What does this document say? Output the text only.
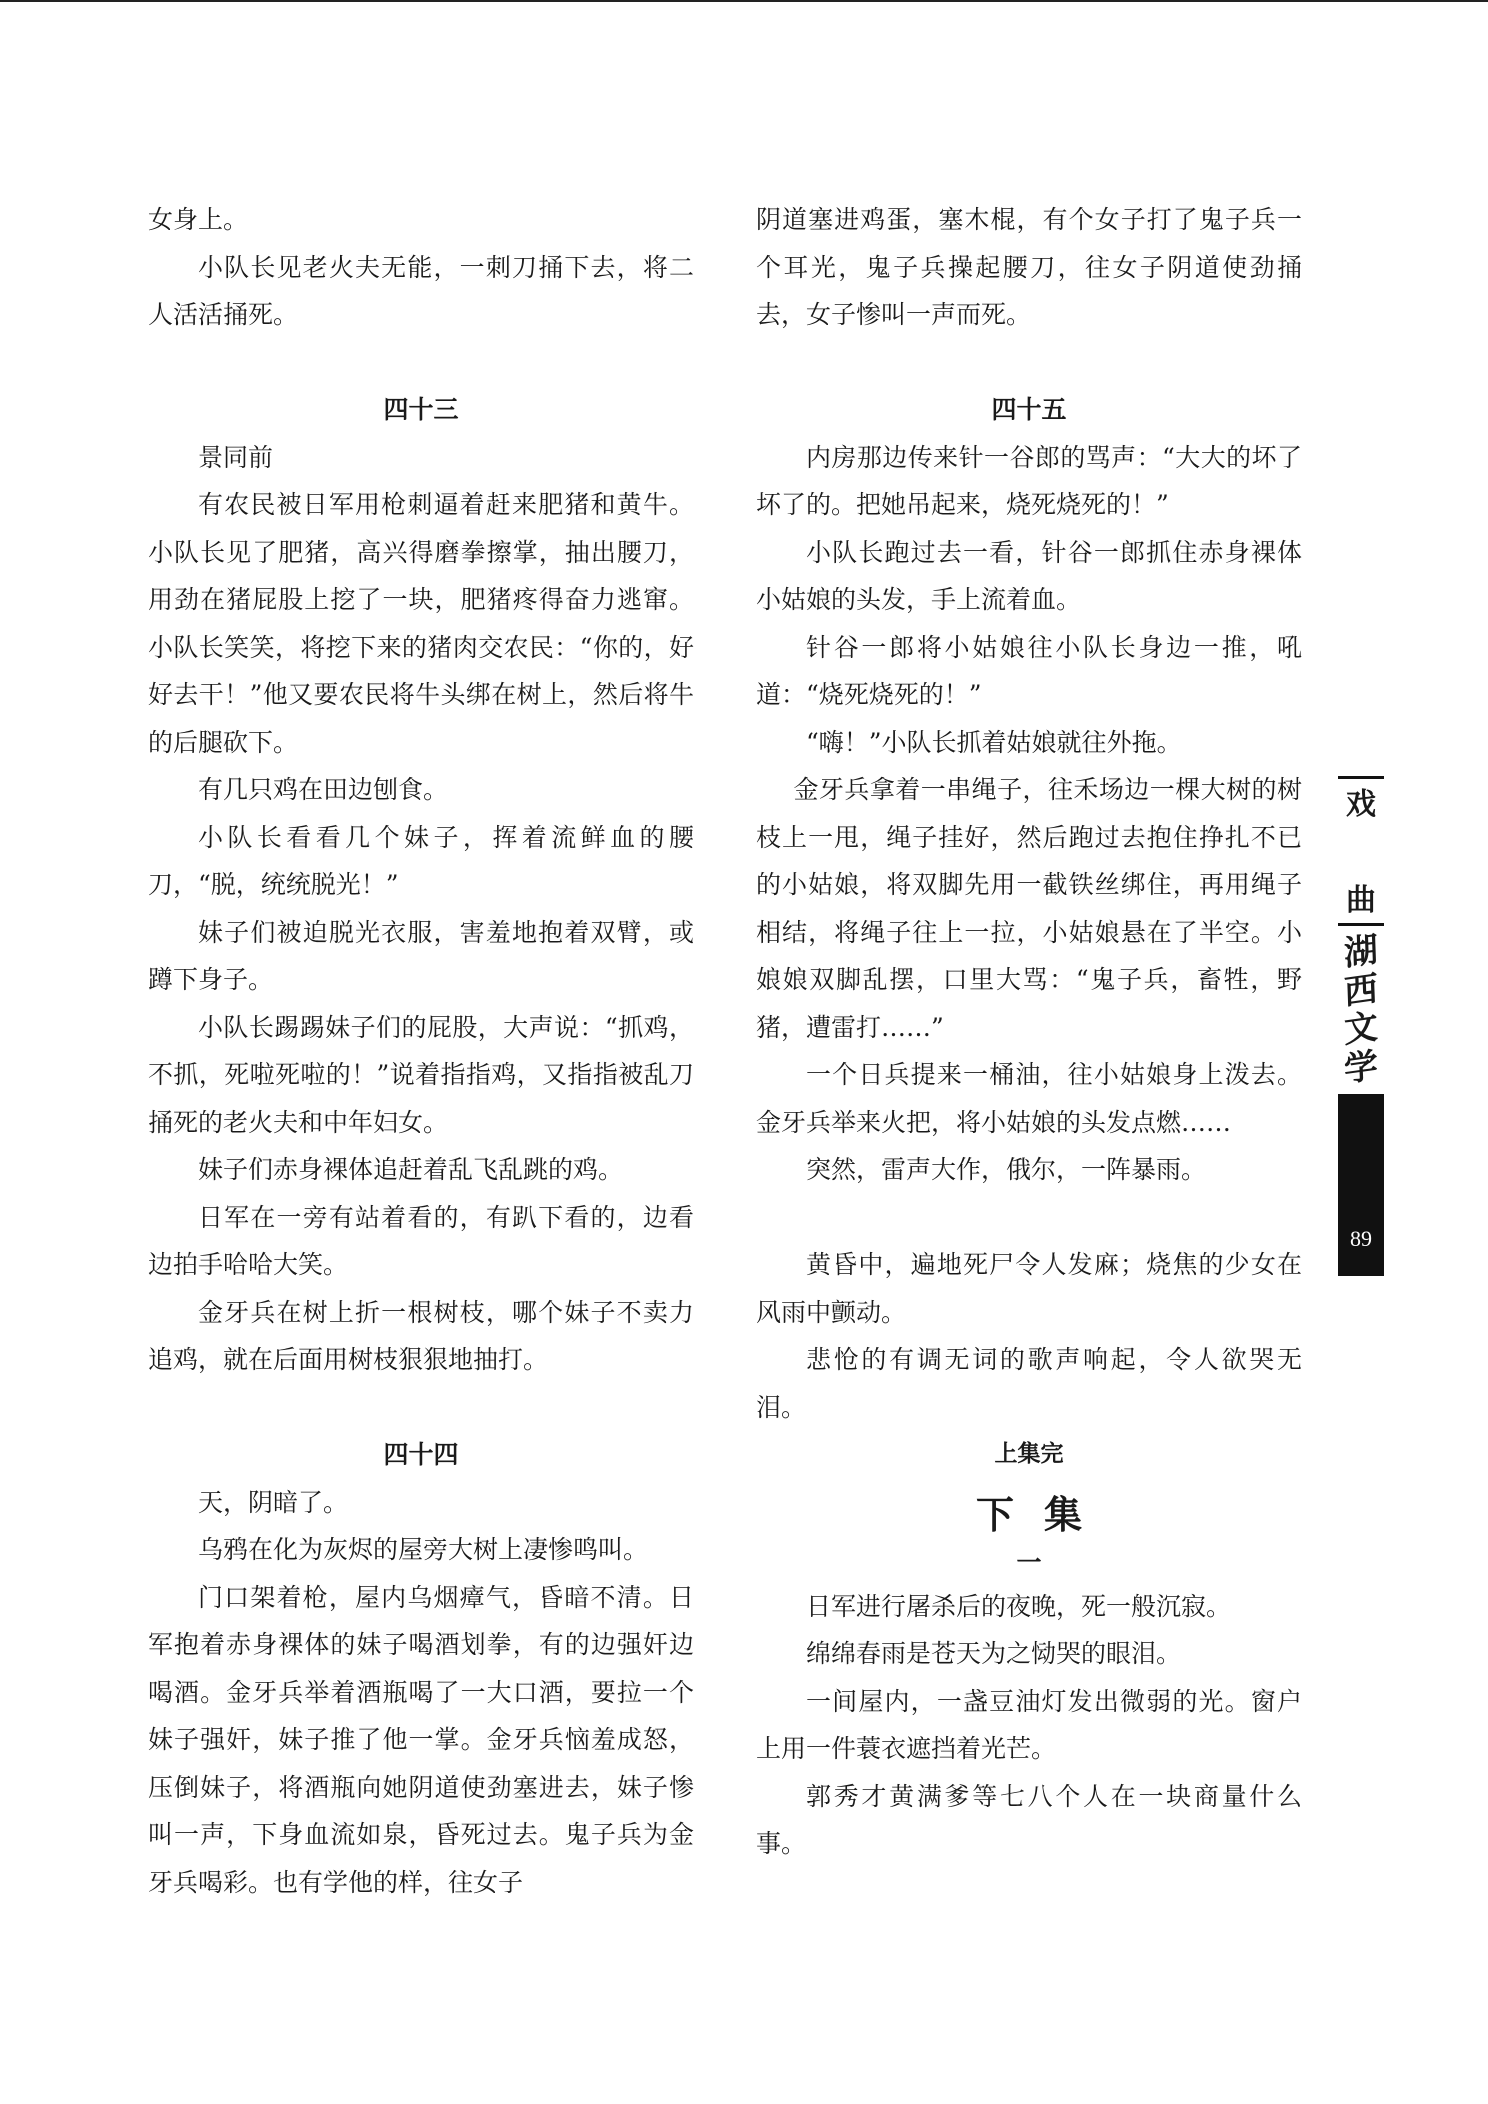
女身上。

小队长见老火夫无能，一刺刀捅下去，将二人活活捅死。

四十三

景同前

有农民被日军用枪刺逼着赶来肥猪和黄牛。小队长见了肥猪，高兴得磨拳擦掌，抽出腰刀，用劲在猪屁股上挖了一块，肥猪疼得奋力逃窜。小队长笑笑，将挖下来的猪肉交农民：“你的，好好去干！”他又要农民将牛头绑在树上，然后将牛的后腿砍下。

有几只鸡在田边刨食。

小队长看看几个妹子，挥着流鲜血的腰刀，“脱，统统脱光！”

妹子们被迫脱光衣服，害羞地抱着双臂，或蹲下身子。

小队长踢踢妹子们的屁股，大声说：“抓鸡，不抓，死啦死啦的！”说着指指鸡，又指指被乱刀捅死的老火夫和中年妇女。

妹子们赤身裸体追赶着乱飞乱跳的鸡。

日军在一旁有站着看的，有趴下看的，边看边拍手哈哈大笑。

金牙兵在树上折一根树枝，哪个妹子不卖力追鸡，就在后面用树枝狠狠地抽打。

四十四

天，阴暗了。

乌鸦在化为灰烬的屋旁大树上凄惨鸣叫。

门口架着枪，屋内乌烟瘴气，昏暗不清。日军抱着赤身裸体的妹子喝酒划拳，有的边强奸边喝酒。金牙兵举着酒瓶喝了一大口酒，要拉一个妹子强奸，妹子推了他一掌。金牙兵恼羞成怒，压倒妹子，将酒瓶向她阴道使劲塞进去，妹子惨叫一声，下身血流如泉，昏死过去。鬼子兵为金牙兵喝彩。也有学他的样，往女子

阴道塞进鸡蛋，塞木棍，有个女子打了鬼子兵一个耳光，鬼子兵操起腰刀，往女子阴道使劲捅去，女子惨叫一声而死。

四十五

内房那边传来针一谷郎的骂声：“大大的坏了坏了的。把她吊起来，烧死烧死的！”

小队长跑过去一看，针谷一郎抓住赤身裸体小姑娘的头发，手上流着血。

针谷一郎将小姑娘往小队长身边一推，吼道：“烧死烧死的！”

“嗨！”小队长抓着姑娘就往外拖。

金牙兵拿着一串绳子，往禾场边一棵大树的树枝上一甩，绳子挂好，然后跑过去抱住挣扎不已的小姑娘，将双脚先用一截铁丝绑住，再用绳子相结，将绳子往上一拉，小姑娘悬在了半空。小娘娘双脚乱摆，口里大骂：“鬼子兵，畜牲，野猪，遭雷打……”

一个日兵提来一桶油，往小姑娘身上泼去。金牙兵举来火把，将小姑娘的头发点燃……

突然，雷声大作，俄尔，一阵暴雨。

黄昏中，遍地死尸令人发麻；烧焦的少女在风雨中颤动。

悲怆的有调无词的歌声响起，令人欲哭无泪。

上集完
下集
一

日军进行屠杀后的夜晚，死一般沉寂。

绵绵春雨是苍天为之恸哭的眼泪。

一间屋内，一盏豆油灯发出微弱的光。窗户上用一件蓑衣遮挡着光芒。

郭秀才黄满爹等七八个人在一块商量什么事。

戏
曲
湖
西
文
学
89
